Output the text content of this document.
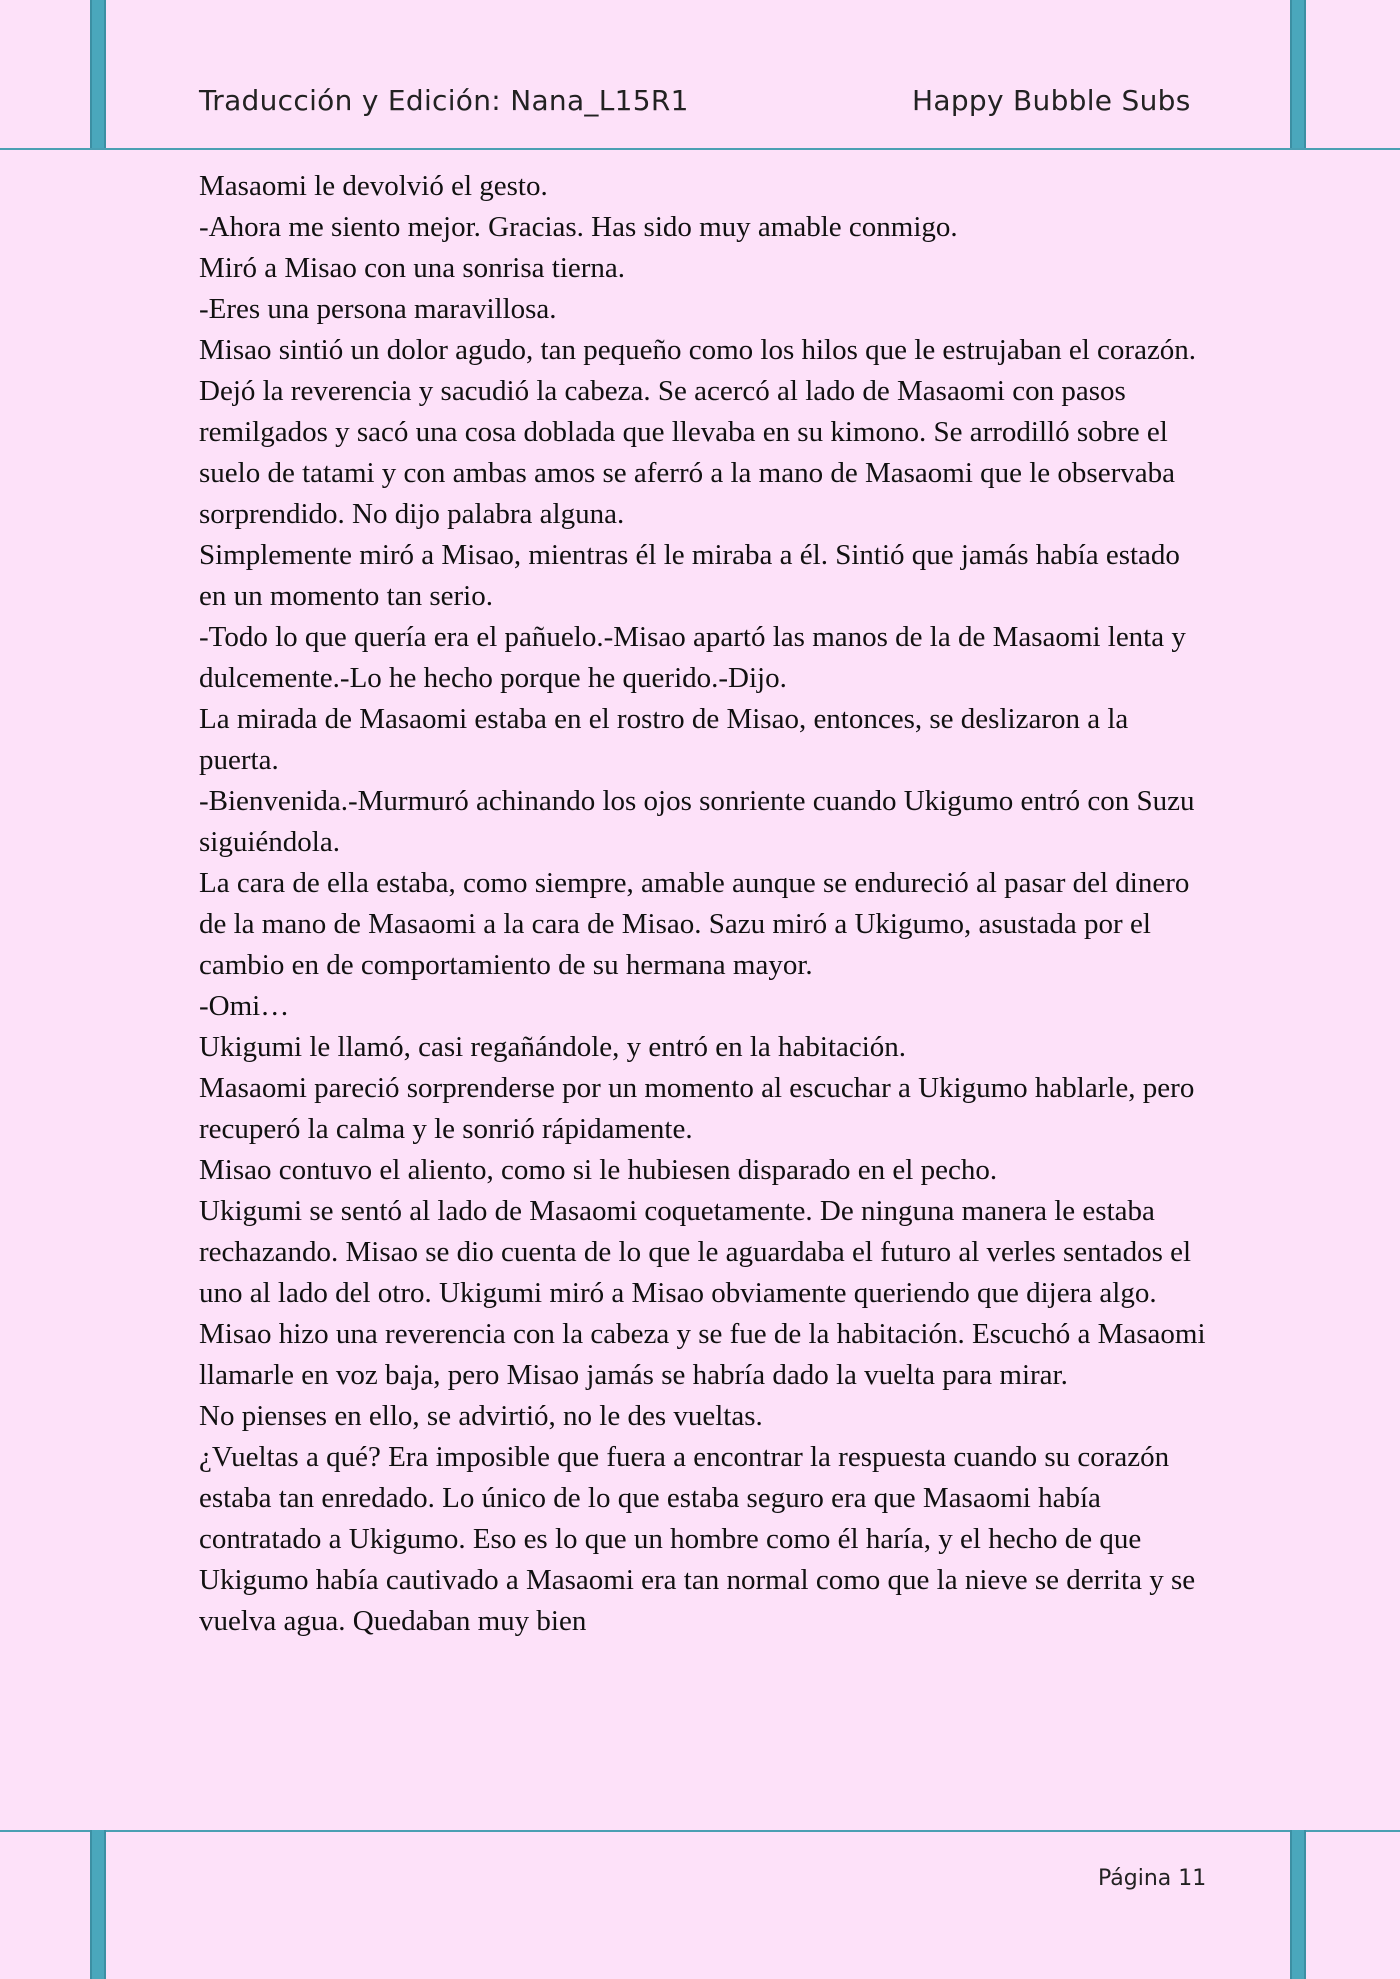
Traducción y Edición: Nana_L15R1	Happy Bubble Subs

Masaomi le devolvió el gesto.

-Ahora me siento mejor. Gracias. Has sido muy amable conmigo.

Miró a Misao con una sonrisa tierna.

-Eres una persona maravillosa.

Misao sintió un dolor agudo, tan pequeño como los hilos que le estrujaban el corazón.

Dejó la reverencia y sacudió la cabeza. Se acercó al lado de Masaomi con pasos remilgados y sacó una cosa doblada que llevaba en su kimono. Se arrodilló sobre el suelo de tatami y con ambas amos se aferró a la mano de Masaomi que le observaba sorprendido. No dijo palabra alguna.

Simplemente miró a Misao, mientras él le miraba a él. Sintió que jamás había estado en un momento tan serio.

-Todo lo que quería era el pañuelo.-Misao apartó las manos de la de Masaomi lenta y dulcemente.-Lo he hecho porque he querido.-Dijo.

La mirada de Masaomi estaba en el rostro de Misao, entonces, se deslizaron a la puerta.

-Bienvenida.-Murmuró achinando los ojos sonriente cuando Ukigumo entró con Suzu siguiéndola.

La cara de ella estaba, como siempre, amable aunque se endureció al pasar del dinero de la mano de Masaomi a la cara de Misao. Sazu miró a Ukigumo, asustada por el cambio en de comportamiento de su hermana mayor.

-Omi…

Ukigumi le llamó, casi regañándole, y entró en la habitación.

Masaomi pareció sorprenderse por un momento al escuchar a Ukigumo hablarle, pero recuperó la calma y le sonrió rápidamente.

Misao contuvo el aliento, como si le hubiesen disparado en el pecho.

Ukigumi se sentó al lado de Masaomi coquetamente. De ninguna manera le estaba rechazando. Misao se dio cuenta de lo que le aguardaba el futuro al verles sentados el uno al lado del otro. Ukigumi miró a Misao obviamente queriendo que dijera algo. Misao hizo una reverencia con la cabeza y se fue de la habitación. Escuchó a Masaomi llamarle en voz baja, pero Misao jamás se habría dado la vuelta para mirar.

No pienses en ello, se advirtió, no le des vueltas.

¿Vueltas a qué? Era imposible que fuera a encontrar la respuesta cuando su corazón estaba tan enredado. Lo único de lo que estaba seguro era que Masaomi había contratado a Ukigumo. Eso es lo que un hombre como él haría, y el hecho de que Ukigumo había cautivado a Masaomi era tan normal como que la nieve se derrita y se vuelva agua. Quedaban muy bien

Página 11
